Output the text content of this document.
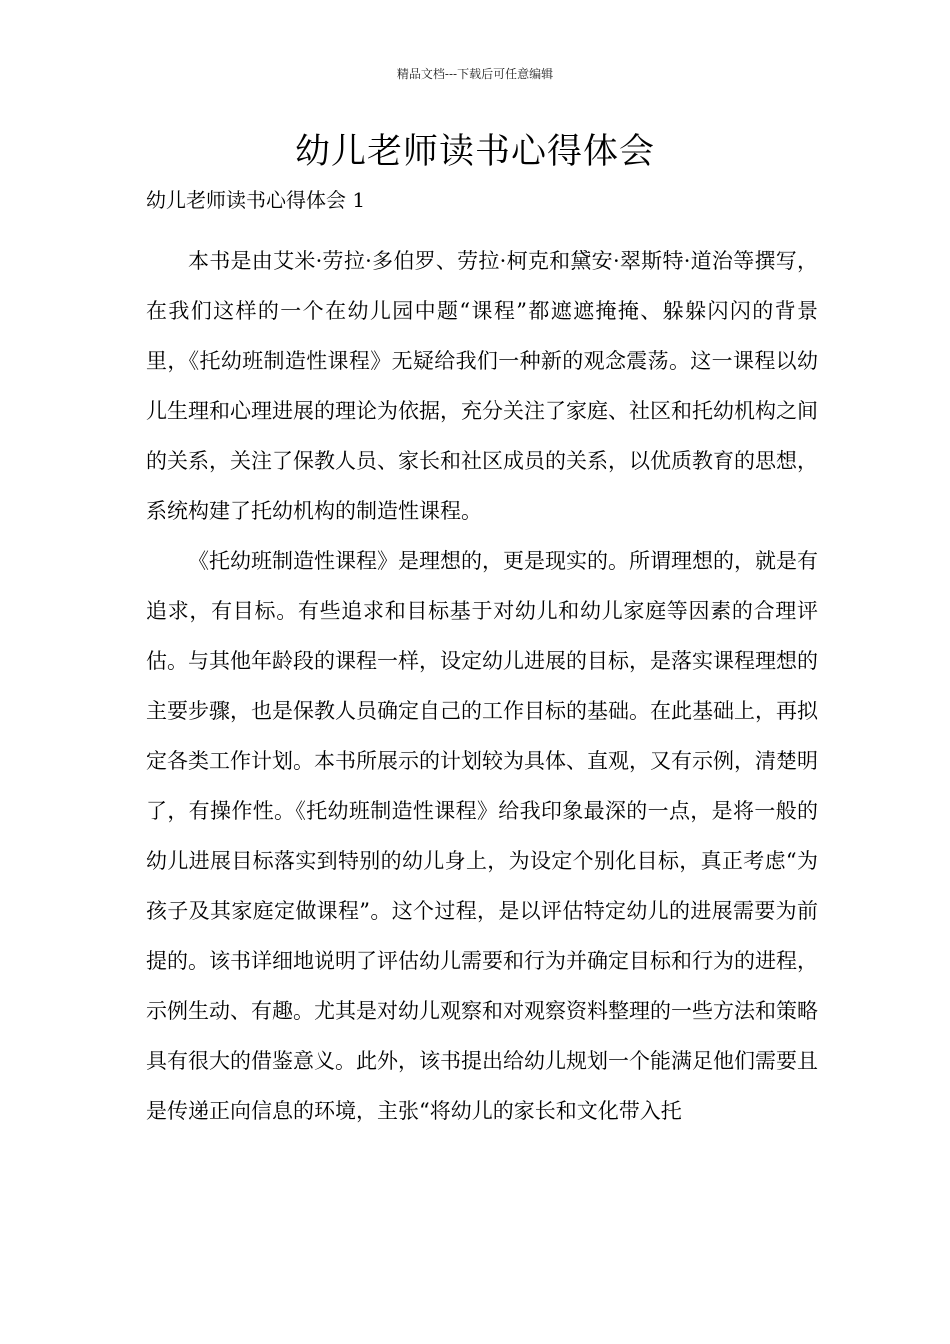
精品文档---下载后可任意编辑
幼儿老师读书心得体会
幼儿老师读书心得体会 1

本书是由艾米·劳拉·多伯罗、劳拉·柯克和黛安·翠斯特·道治等撰写，在我们这样的一个在幼儿园中题“课程”都遮遮掩掩、躲躲闪闪的背景里，《托幼班制造性课程》无疑给我们一种新的观念震荡。这一课程以幼儿生理和心理进展的理论为依据，充分关注了家庭、社区和托幼机构之间的关系，关注了保教人员、家长和社区成员的关系，以优质教育的思想，系统构建了托幼机构的制造性课程。

《托幼班制造性课程》是理想的，更是现实的。所谓理想的，就是有追求，有目标。有些追求和目标基于对幼儿和幼儿家庭等因素的合理评估。与其他年龄段的课程一样，设定幼儿进展的目标，是落实课程理想的主要步骤，也是保教人员确定自己的工作目标的基础。在此基础上，再拟定各类工作计划。本书所展示的计划较为具体、直观，又有示例，清楚明了，有操作性。《托幼班制造性课程》给我印象最深的一点，是将一般的幼儿进展目标落实到特别的幼儿身上，为设定个别化目标，真正考虑“为孩子及其家庭定做课程”。这个过程，是以评估特定幼儿的进展需要为前提的。该书详细地说明了评估幼儿需要和行为并确定目标和行为的进程，示例生动、有趣。尤其是对幼儿观察和对观察资料整理的一些方法和策略具有很大的借鉴意义。此外，该书提出给幼儿规划一个能满足他们需要且是传递正向信息的环境，主张“将幼儿的家长和文化带入托
